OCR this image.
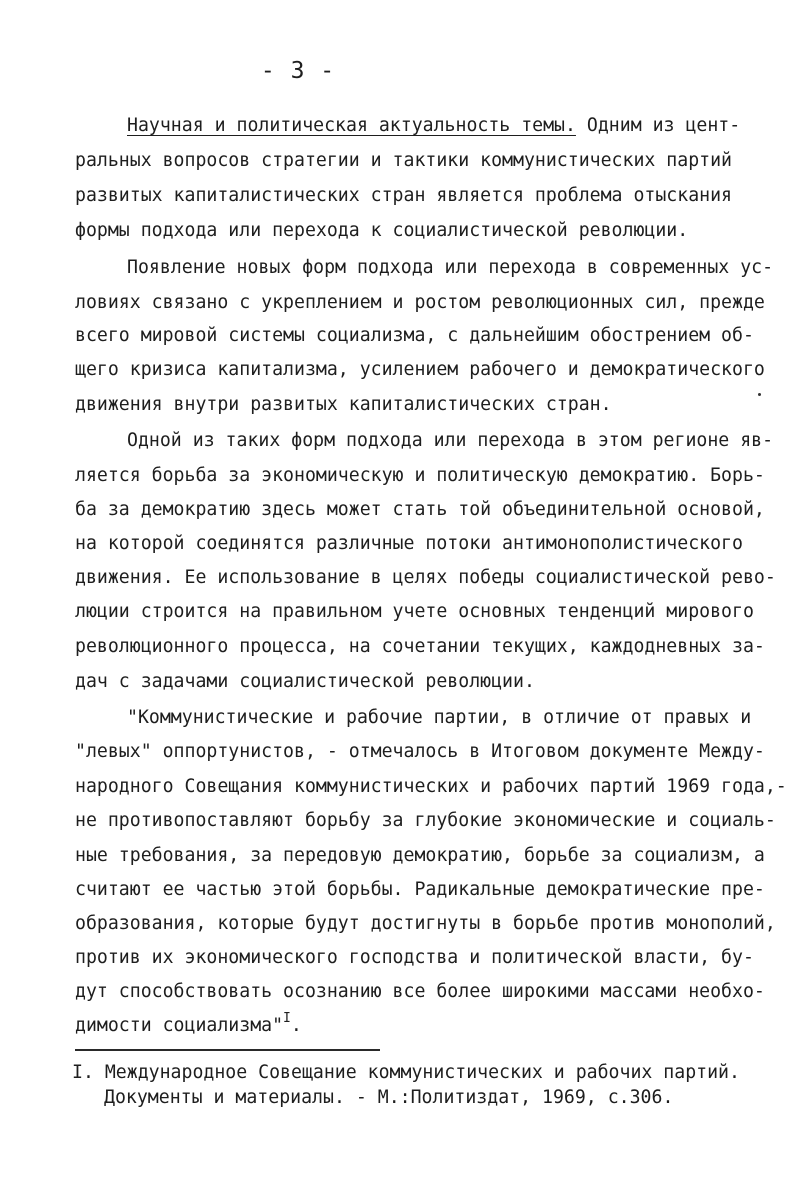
- 3 -
Научная и политическая актуальность темы. Одним из цент-
ральных вопросов стратегии и тактики коммунистических партий
развитых капиталистических стран является проблема отыскания
формы подхода или перехода к социалистической революции.
Появление новых форм подхода или перехода в современных ус-
ловиях связано с укреплением и ростом революционных сил, прежде
всего мировой системы социализма, с дальнейшим обострением об-
щего кризиса капитализма, усилением рабочего и демократического
движения внутри развитых капиталистических стран.
Одной из таких форм подхода или перехода в этом регионе яв-
ляется борьба за экономическую и политическую демократию. Борь-
ба за демократию здесь может стать той объединительной основой,
на которой соединятся различные потоки антимонополистического
движения. Ее использование в целях победы социалистической рево-
люции строится на правильном учете основных тенденций мирового
революционного процесса, на сочетании текущих, каждодневных за-
дач с задачами социалистической революции.
"Коммунистические и рабочие партии, в отличие от правых и
"левых" оппортунистов, - отмечалось в Итоговом документе Между-
народного Совещания коммунистических и рабочих партий 1969 года,-
не противопоставляют борьбу за глубокие экономические и социаль-
ные требования, за передовую демократию, борьбе за социализм, а
считают ее частью этой борьбы. Радикальные демократические пре-
образования, которые будут достигнуты в борьбе против монополий,
против их экономического господства и политической власти, бу-
дут способствовать осознанию все более широкими массами необхо-
димости социализма"$^I$.
I. Международное Совещание коммунистических и рабочих партий.
Документы и материалы. - М.:Политиздат, 1969, с.306.
